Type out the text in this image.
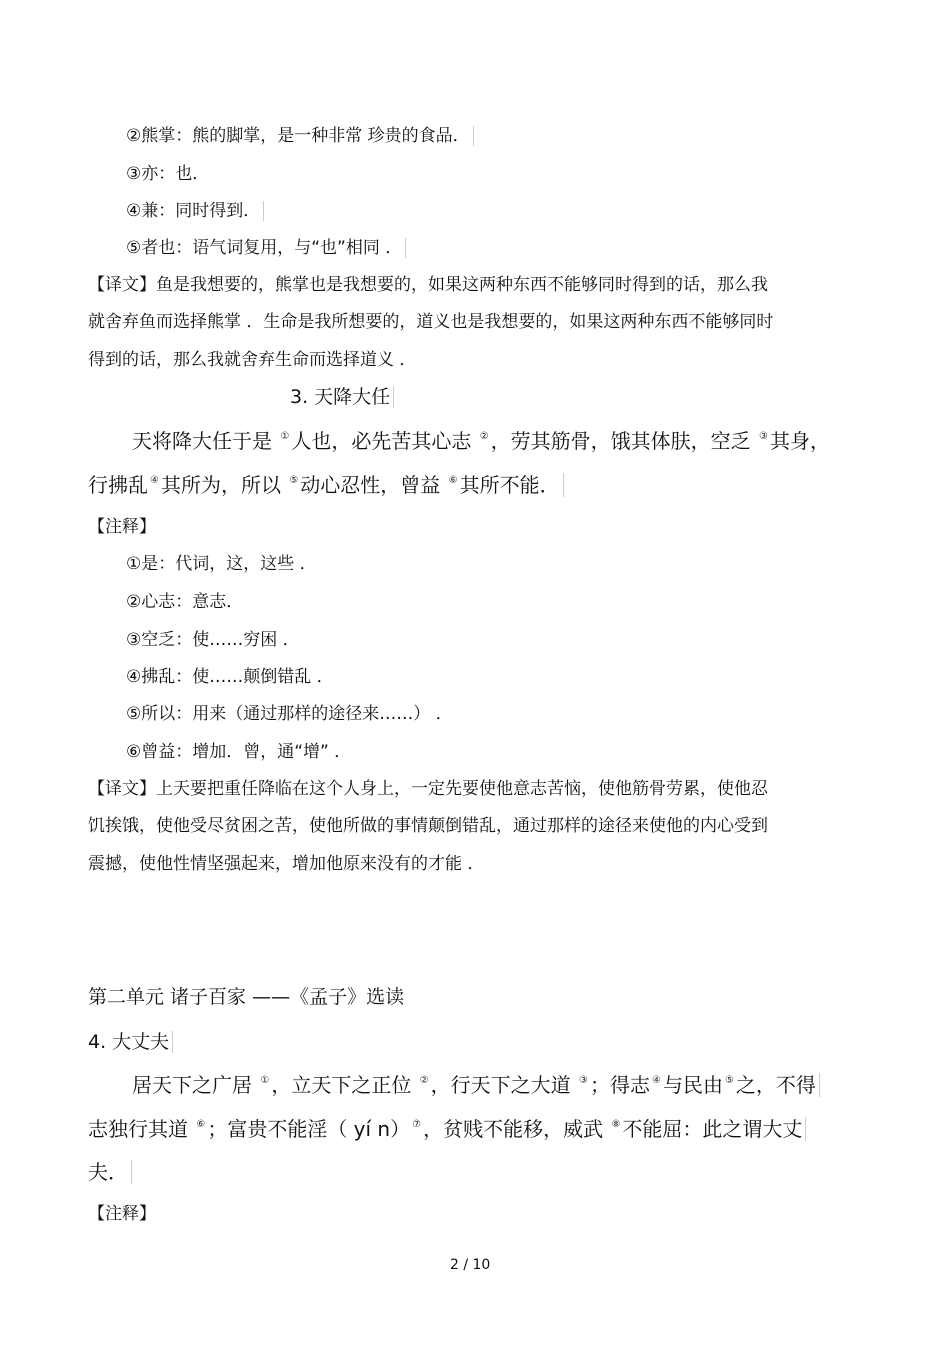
②熊掌：熊的脚掌，是一种非常 珍贵的食品．
③亦：也．
④兼：同时得到．
⑤者也：语气词复用，与“也”相同 ．
【译文】鱼是我想要的，熊掌也是我想要的，如果这两种东西不能够同时得到的话，那么我
就舍弃鱼而选择熊掌 ．生命是我所想要的，道义也是我想要的，如果这两种东西不能够同时
得到的话，那么我就舍弃生命而选择道义 ．
3. 天降大任
天将降大任于是 ① 人也，必先苦其心志 ② ，劳其筋骨，饿其体肤，空乏 ③ 其身，
行拂乱 ④ 其所为，所以 ⑤ 动心忍性，曾益 ⑥ 其所不能．
【注释】
①是：代词，这，这些 ．
②心志：意志．
③空乏：使……穷困 ．
④拂乱：使……颠倒错乱 ．
⑤所以：用来（通过那样的途径来……） ．
⑥曾益：增加．曾，通“增” ．
【译文】上天要把重任降临在这个人身上，一定先要使他意志苦恼，使他筋骨劳累，使他忍
饥挨饿，使他受尽贫困之苦，使他所做的事情颠倒错乱，通过那样的途径来使他的内心受到
震撼，使他性情坚强起来，增加他原来没有的才能 ．
第二单元 诸子百家 ——《孟子》选读
4. 大丈夫
居天下之广居 ① ，立天下之正位 ② ，行天下之大道 ③ ；得志 ④ 与民由 ⑤ 之，不得
志独行其道 ⑥ ；富贵不能淫（ yí n） ⑦ ，贫贱不能移，威武 ⑧ 不能屈：此之谓大丈
夫．
【注释】
2 / 10
